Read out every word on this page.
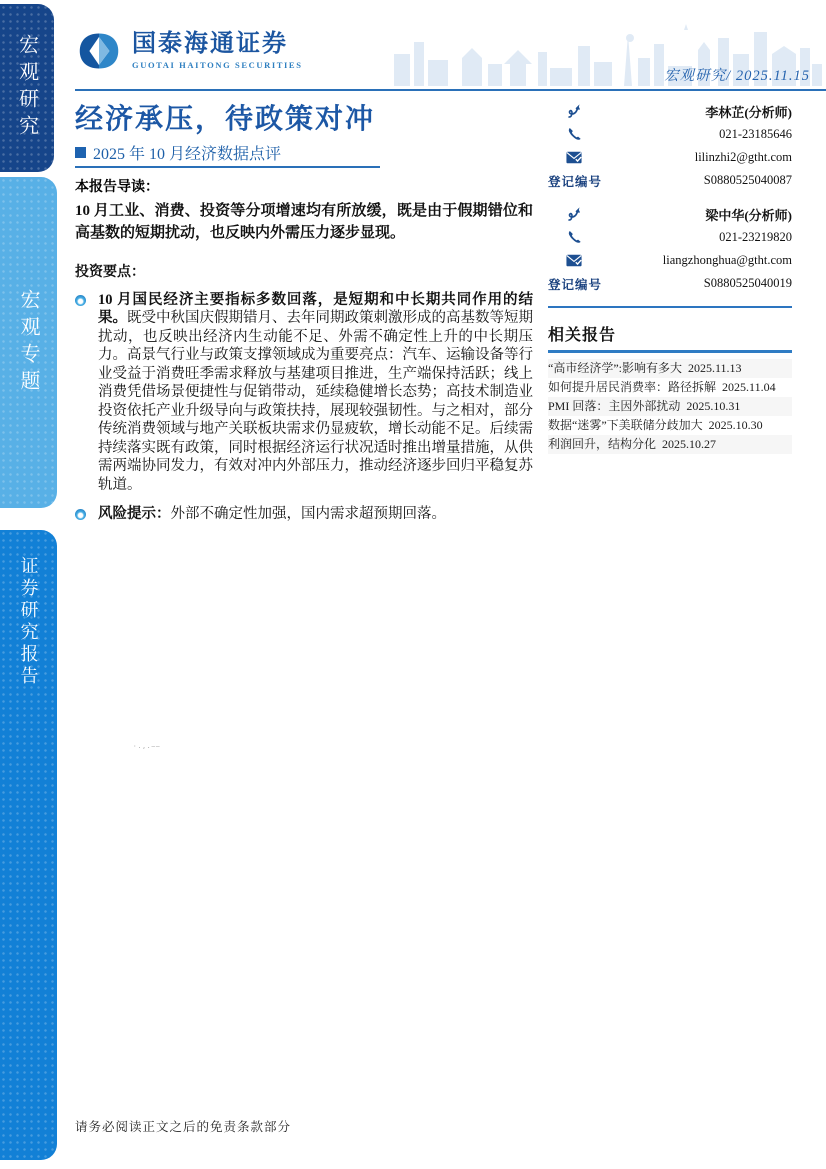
宏观研究
宏观专题
证券研究报告
国泰海通证券
GUOTAI HAITONG SECURITIES
宏观研究/ 2025.11.15
经济承压，待政策对冲
2025 年 10 月经济数据点评
本报告导读：
10 月工业、消费、投资等分项增速均有所放缓，既是由于假期错位和高基数的短期扰动，也反映内外需压力逐步显现。
投资要点：
10 月国民经济主要指标多数回落，是短期和中长期共同作用的结果。既受中秋国庆假期错月、去年同期政策刺激形成的高基数等短期扰动，也反映出经济内生动能不足、外需不确定性上升的中长期压力。高景气行业与政策支撑领域成为重要亮点：汽车、运输设备等行业受益于消费旺季需求释放与基建项目推进，生产端保持活跃；线上消费凭借场景便捷性与促销带动，延续稳健增长态势；高技术制造业投资依托产业升级导向与政策扶持，展现较强韧性。与之相对，部分传统消费领域与地产关联板块需求仍显疲软，增长动能不足。后续需持续落实既有政策，同时根据经济运行状况适时推出增量措施，从供需两端协同发力，有效对冲内外部压力，推动经济逐步回归平稳复苏轨道。
风险提示：外部不确定性加强，国内需求超预期回落。
李林芷(分析师)
021-23185646
lilinzhi2@gtht.com
登记编号	S0880525040087
梁中华(分析师)
021-23219820
liangzhonghua@gtht.com
登记编号	S0880525040019
相关报告
“高市经济学”:影响有多大 2025.11.13
如何提升居民消费率：路径拆解 2025.11.04
PMI 回落：主因外部扰动 2025.10.31
数据“迷雾”下美联储分歧加大 2025.10.30
利润回升，结构分化 2025.10.27
·.,.—–
请务必阅读正文之后的免责条款部分
